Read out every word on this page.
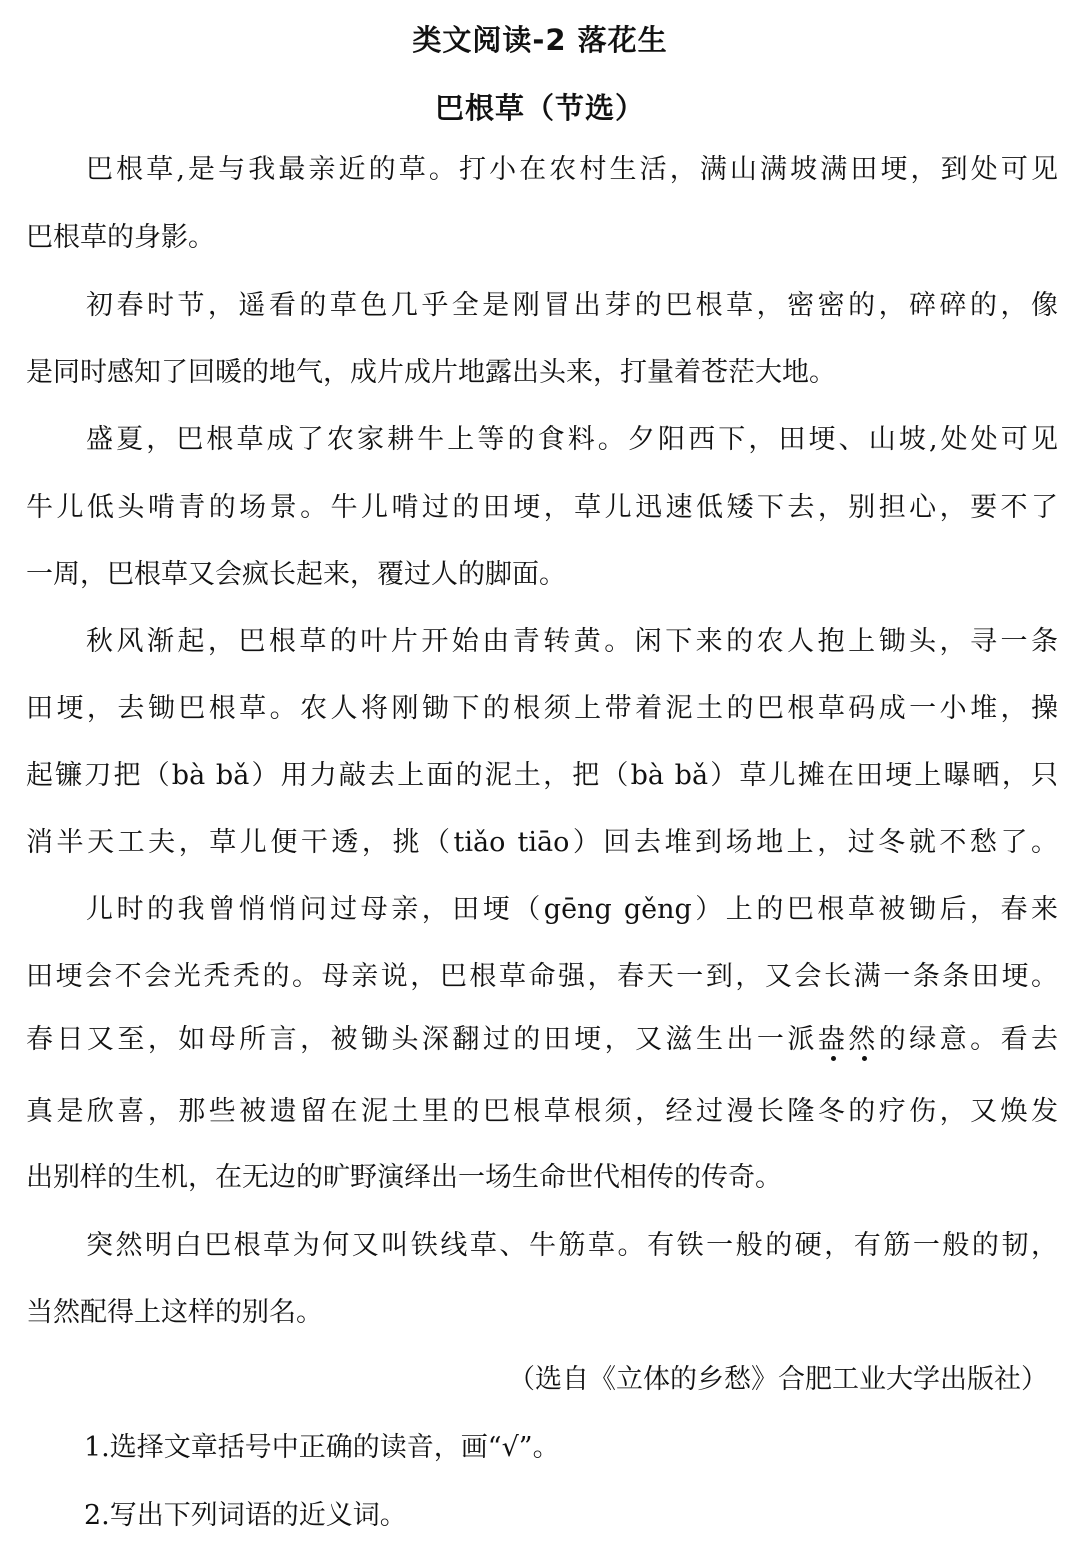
类文阅读-2 落花生
巴根草（节选）
巴根草,是与我最亲近的草。打小在农村生活，满山满坡满田埂，到处可见
巴根草的身影。
初春时节，遥看的草色几乎全是刚冒出芽的巴根草，密密的，碎碎的，像
是同时感知了回暖的地气，成片成片地露出头来，打量着苍茫大地。
盛夏，巴根草成了农家耕牛上等的食料。夕阳西下，田埂、山坡,处处可见
牛儿低头啃青的场景。牛儿啃过的田埂，草儿迅速低矮下去，别担心，要不了
一周，巴根草又会疯长起来，覆过人的脚面。
秋风渐起，巴根草的叶片开始由青转黄。闲下来的农人抱上锄头，寻一条
田埂，去锄巴根草。农人将刚锄下的根须上带着泥土的巴根草码成一小堆，操
起镰刀把（bà bǎ）用力敲去上面的泥土，把（bà bǎ）草儿摊在田埂上曝晒，只
消半天工夫，草儿便干透，挑（tiǎo tiāo）回去堆到场地上，过冬就不愁了。
儿时的我曾悄悄问过母亲，田埂（gēng gěng）上的巴根草被锄后，春来
田埂会不会光秃秃的。母亲说，巴根草命强，春天一到，又会长满一条条田埂。
春日又至，如母所言，被锄头深翻过的田埂，又滋生出一派盎然的绿意。看去
真是欣喜，那些被遗留在泥土里的巴根草根须，经过漫长隆冬的疗伤，又焕发
出别样的生机，在无边的旷野演绎出一场生命世代相传的传奇。
突然明白巴根草为何又叫铁线草、牛筋草。有铁一般的硬，有筋一般的韧，
当然配得上这样的别名。
（选自《立体的乡愁》合肥工业大学出版社）
1.选择文章括号中正确的读音，画“√”。
2.写出下列词语的近义词。
